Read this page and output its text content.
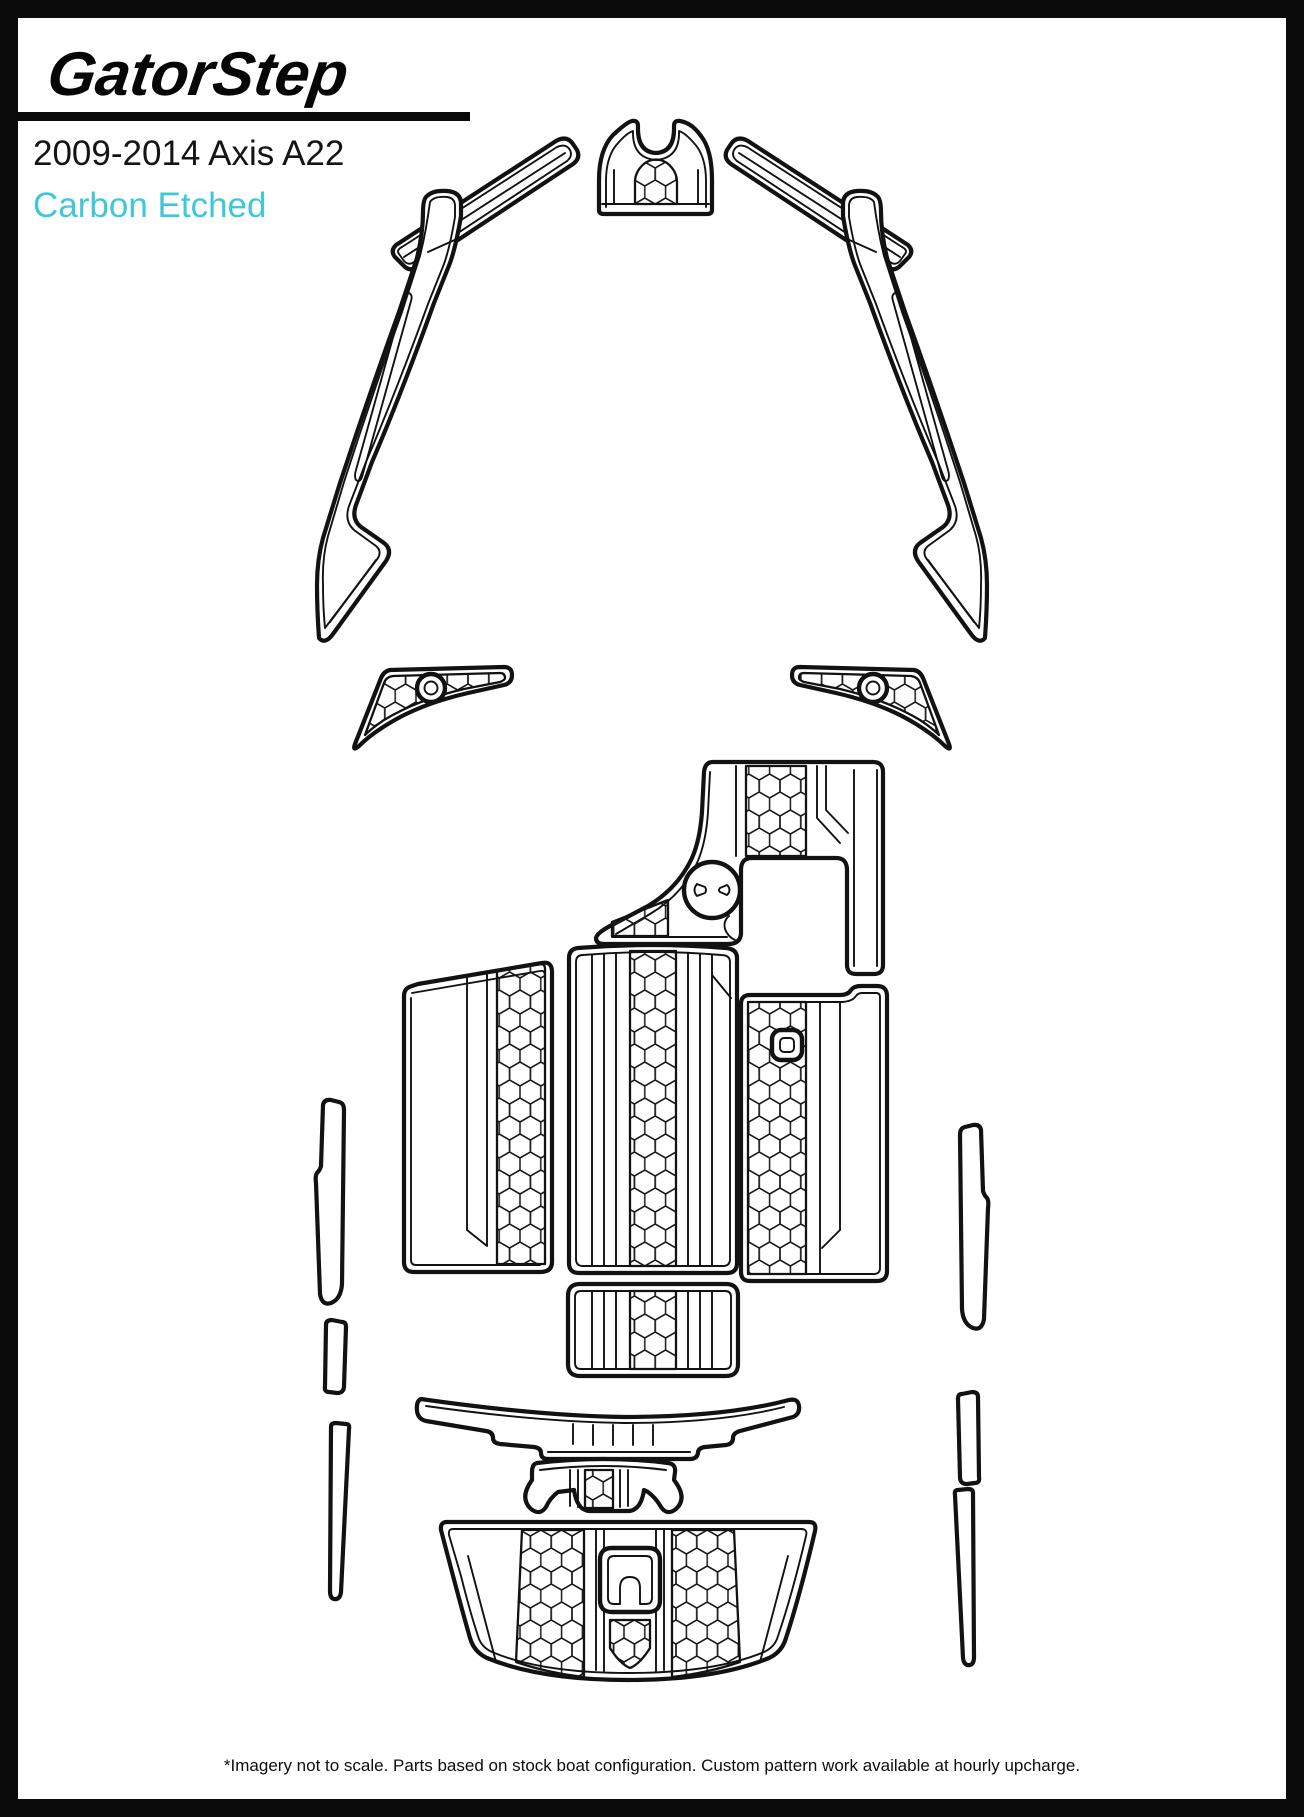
GatorStep
2009-2014 Axis A22
Carbon Etched
*Imagery not to scale. Parts based on stock boat configuration. Custom pattern work available at hourly upcharge.
